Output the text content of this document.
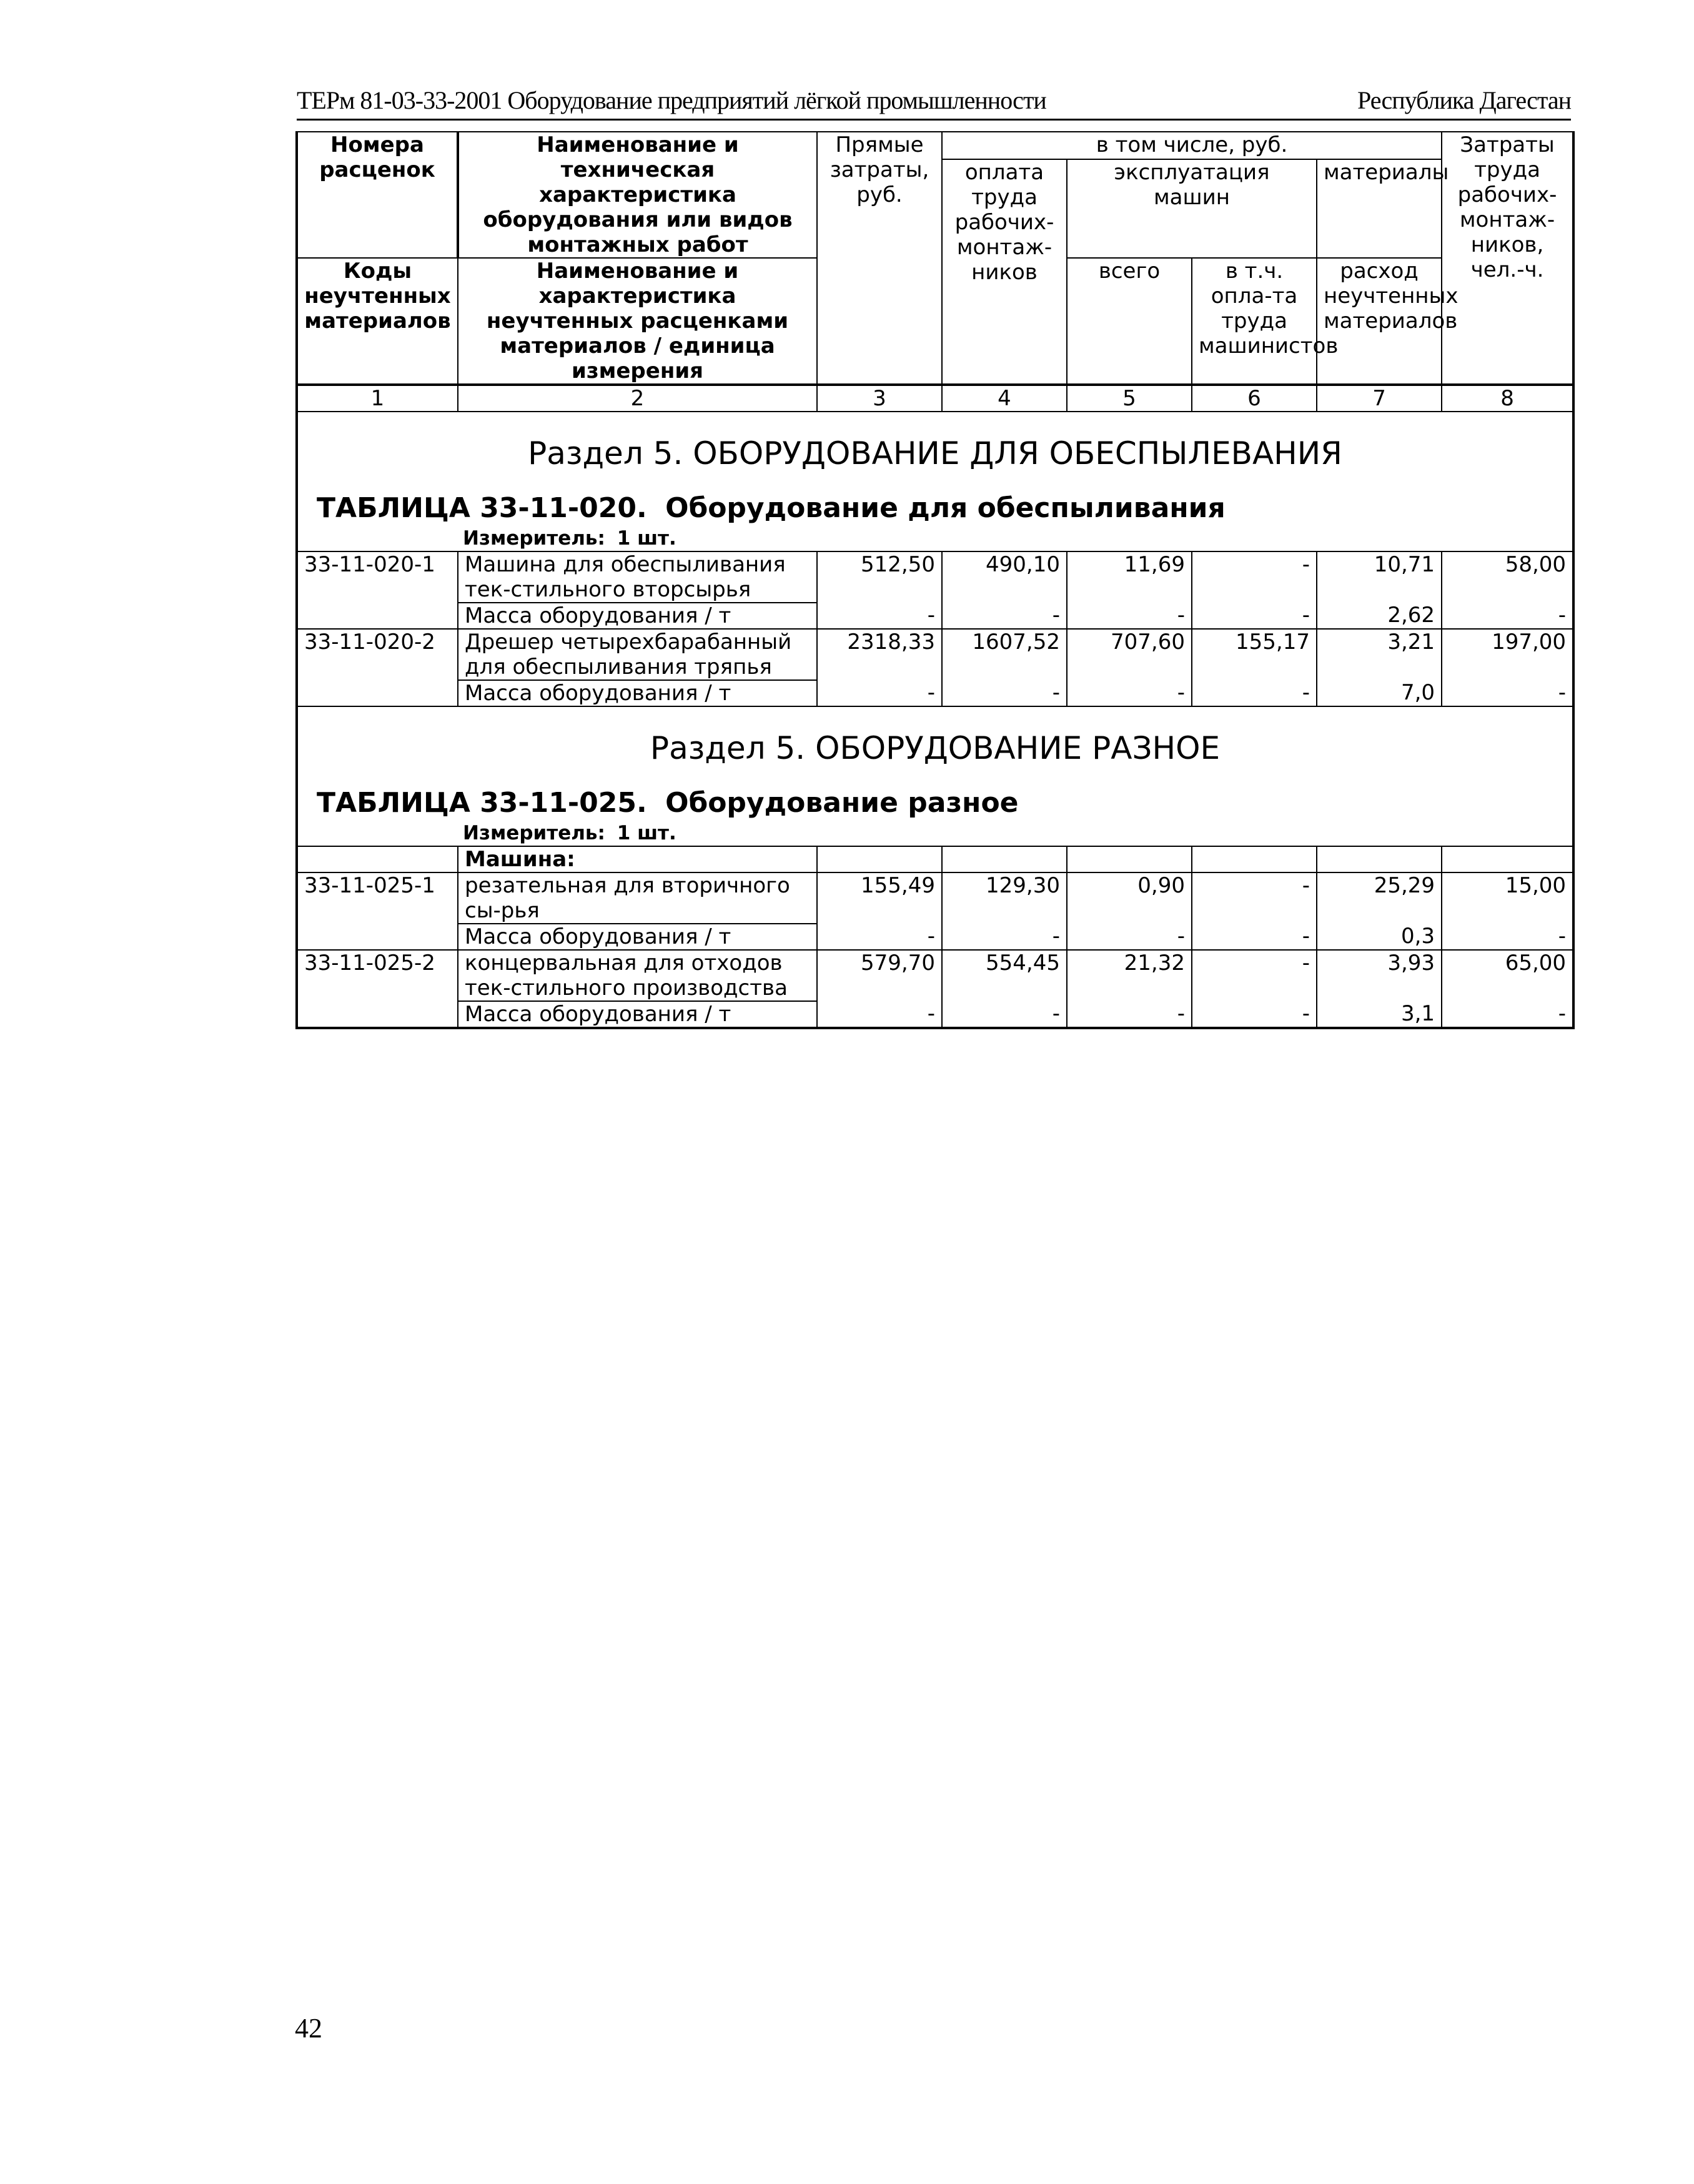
ТЕРм 81-03-33-2001 Оборудование предприятий лёгкой промышленности	Республика Дагестан
Номера расценок	Наименование и техническая характеристика оборудования или видов монтажных работ	Прямые затраты, руб.	в том числе, руб.				Затраты труда рабочих-монтаж-ников, чел.-ч.
			оплата труда рабочих-монтаж-ников	эксплуатация машин		материалы	
Коды неучтенных материалов	Наименование и характеристика неучтенных расценками материалов / единица измерения			всего	в т.ч. опла-та труда машинистов	расход неучтенных материалов	

1	2	3	4	5	6	7	8

Раздел 5. ОБОРУДОВАНИЕ ДЛЯ ОБЕСПЫЛЕВАНИЯ
ТАБЛИЦА 33-11-020. Оборудование для обеспыливания
Измеритель: 1 шт.							

33-11-020-1	Машина для обеспыливания тек-стильного вторсырья	512,50	490,10	11,69	-	10,71	58,00
	Масса оборудования / т	-	-	-	-	2,62	-
33-11-020-2	Дрешер четырехбарабанный для обеспыливания тряпья	2318,33	1607,52	707,60	155,17	3,21	197,00
	Масса оборудования / т	-	-	-	-	7,0	-

Раздел 5. ОБОРУДОВАНИЕ РАЗНОЕ
ТАБЛИЦА 33-11-025. Оборудование разное
Измеритель: 1 шт.							

	Машина:						
33-11-025-1	резательная для вторичного сы-рья	155,49	129,30	0,90	-	25,29	15,00
	Масса оборудования / т	-	-	-	-	0,3	-
33-11-025-2	концервальная для отходов тек-стильного производства	579,70	554,45	21,32	-	3,93	65,00
	Масса оборудования / т	-	-	-	-	3,1	-
42
